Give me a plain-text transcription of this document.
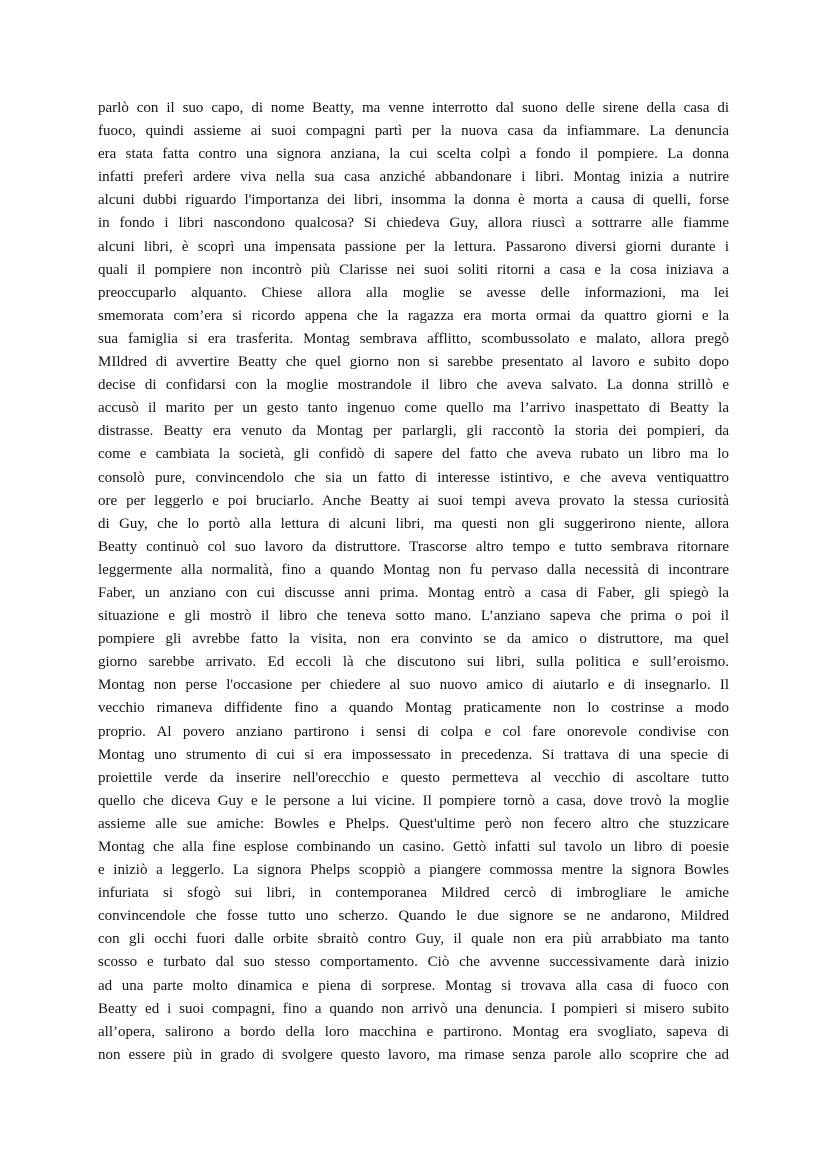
parlò con il suo capo, di nome Beatty, ma venne interrotto dal suono delle sirene della casa di
fuoco, quindi assieme ai suoi compagni partì per la nuova casa da infiammare. La denuncia
era stata fatta contro una signora anziana, la cui scelta colpì a fondo il pompiere. La donna
infatti preferì ardere viva nella sua casa anziché abbandonare i libri. Montag inizia a nutrire
alcuni dubbi riguardo l'importanza dei libri, insomma la donna è morta a causa di quelli, forse
in fondo i libri nascondono qualcosa? Si chiedeva Guy, allora riuscì a sottrarre alle fiamme
alcuni libri, è scoprì una impensata passione per la lettura. Passarono diversi giorni durante i
quali il pompiere non incontrò più Clarisse nei suoi soliti ritorni a casa e la cosa iniziava a
preoccuparlo alquanto. Chiese allora alla moglie se avesse delle informazioni, ma lei
smemorata com’era si ricordo appena che la ragazza era morta ormai da quattro giorni e la
sua famiglia si era trasferita. Montag sembrava afflitto, scombussolato e malato, allora pregò
MIldred di avvertire Beatty che quel giorno non si sarebbe presentato al lavoro e subito dopo
decise di confidarsi con la moglie mostrandole il libro che aveva salvato. La donna strillò e
accusò il marito per un gesto tanto ingenuo come quello ma l’arrivo inaspettato di Beatty la
distrasse. Beatty era venuto da Montag per parlargli, gli raccontò la storia dei pompieri, da
come e cambiata la società, gli confidò di sapere del fatto che aveva rubato un libro ma lo
consolò pure, convincendolo che sia un fatto di interesse istintivo, e che aveva ventiquattro
ore per leggerlo e poi bruciarlo. Anche Beatty ai suoi tempi aveva provato la stessa curiosità
di Guy, che lo portò alla lettura di alcuni libri, ma questi non gli suggerirono niente, allora
Beatty continuò col suo lavoro da distruttore. Trascorse altro tempo e tutto sembrava ritornare
leggermente alla normalità, fino a quando Montag non fu pervaso dalla necessità di incontrare
Faber, un anziano con cui discusse anni prima. Montag entrò a casa di Faber, gli spiegò la
situazione e gli mostrò il libro che teneva sotto mano. L’anziano sapeva che prima o poi il
pompiere gli avrebbe fatto la visita, non era convinto se da amico o distruttore, ma quel
giorno sarebbe arrivato. Ed eccoli là che discutono sui libri, sulla politica e sull’eroismo.
Montag non perse l'occasione per chiedere al suo nuovo amico di aiutarlo e di insegnarlo. Il
vecchio rimaneva diffidente fino a quando Montag praticamente non lo costrinse a modo
proprio. Al povero anziano partirono i sensi di colpa e col fare onorevole condivise con
Montag uno strumento di cui si era impossessato in precedenza. Si trattava di una specie di
proiettile verde da inserire nell'orecchio e questo permetteva al vecchio di ascoltare tutto
quello che diceva Guy e le persone a lui vicine. Il pompiere tornò a casa, dove trovò la moglie
assieme alle sue amiche: Bowles e Phelps. Quest'ultime però non fecero altro che stuzzicare
Montag che alla fine esplose combinando un casino. Gettò infatti sul tavolo un libro di poesie
e iniziò a leggerlo. La signora Phelps scoppiò a piangere commossa mentre la signora Bowles
infuriata si sfogò sui libri, in contemporanea Mildred cercò di imbrogliare le amiche
convincendole che fosse tutto uno scherzo. Quando le due signore se ne andarono, Mildred
con gli occhi fuori dalle orbite sbraitò contro Guy, il quale non era più arrabbiato ma tanto
scosso e turbato dal suo stesso comportamento. Ciò che avvenne successivamente darà inizio
ad una parte molto dinamica e piena di sorprese. Montag si trovava alla casa di fuoco con
Beatty ed i suoi compagni, fino a quando non arrivò una denuncia. I pompieri si misero subito
all’opera, salirono a bordo della loro macchina e partirono. Montag era svogliato, sapeva di
non essere più in grado di svolgere questo lavoro, ma rimase senza parole allo scoprire che ad
